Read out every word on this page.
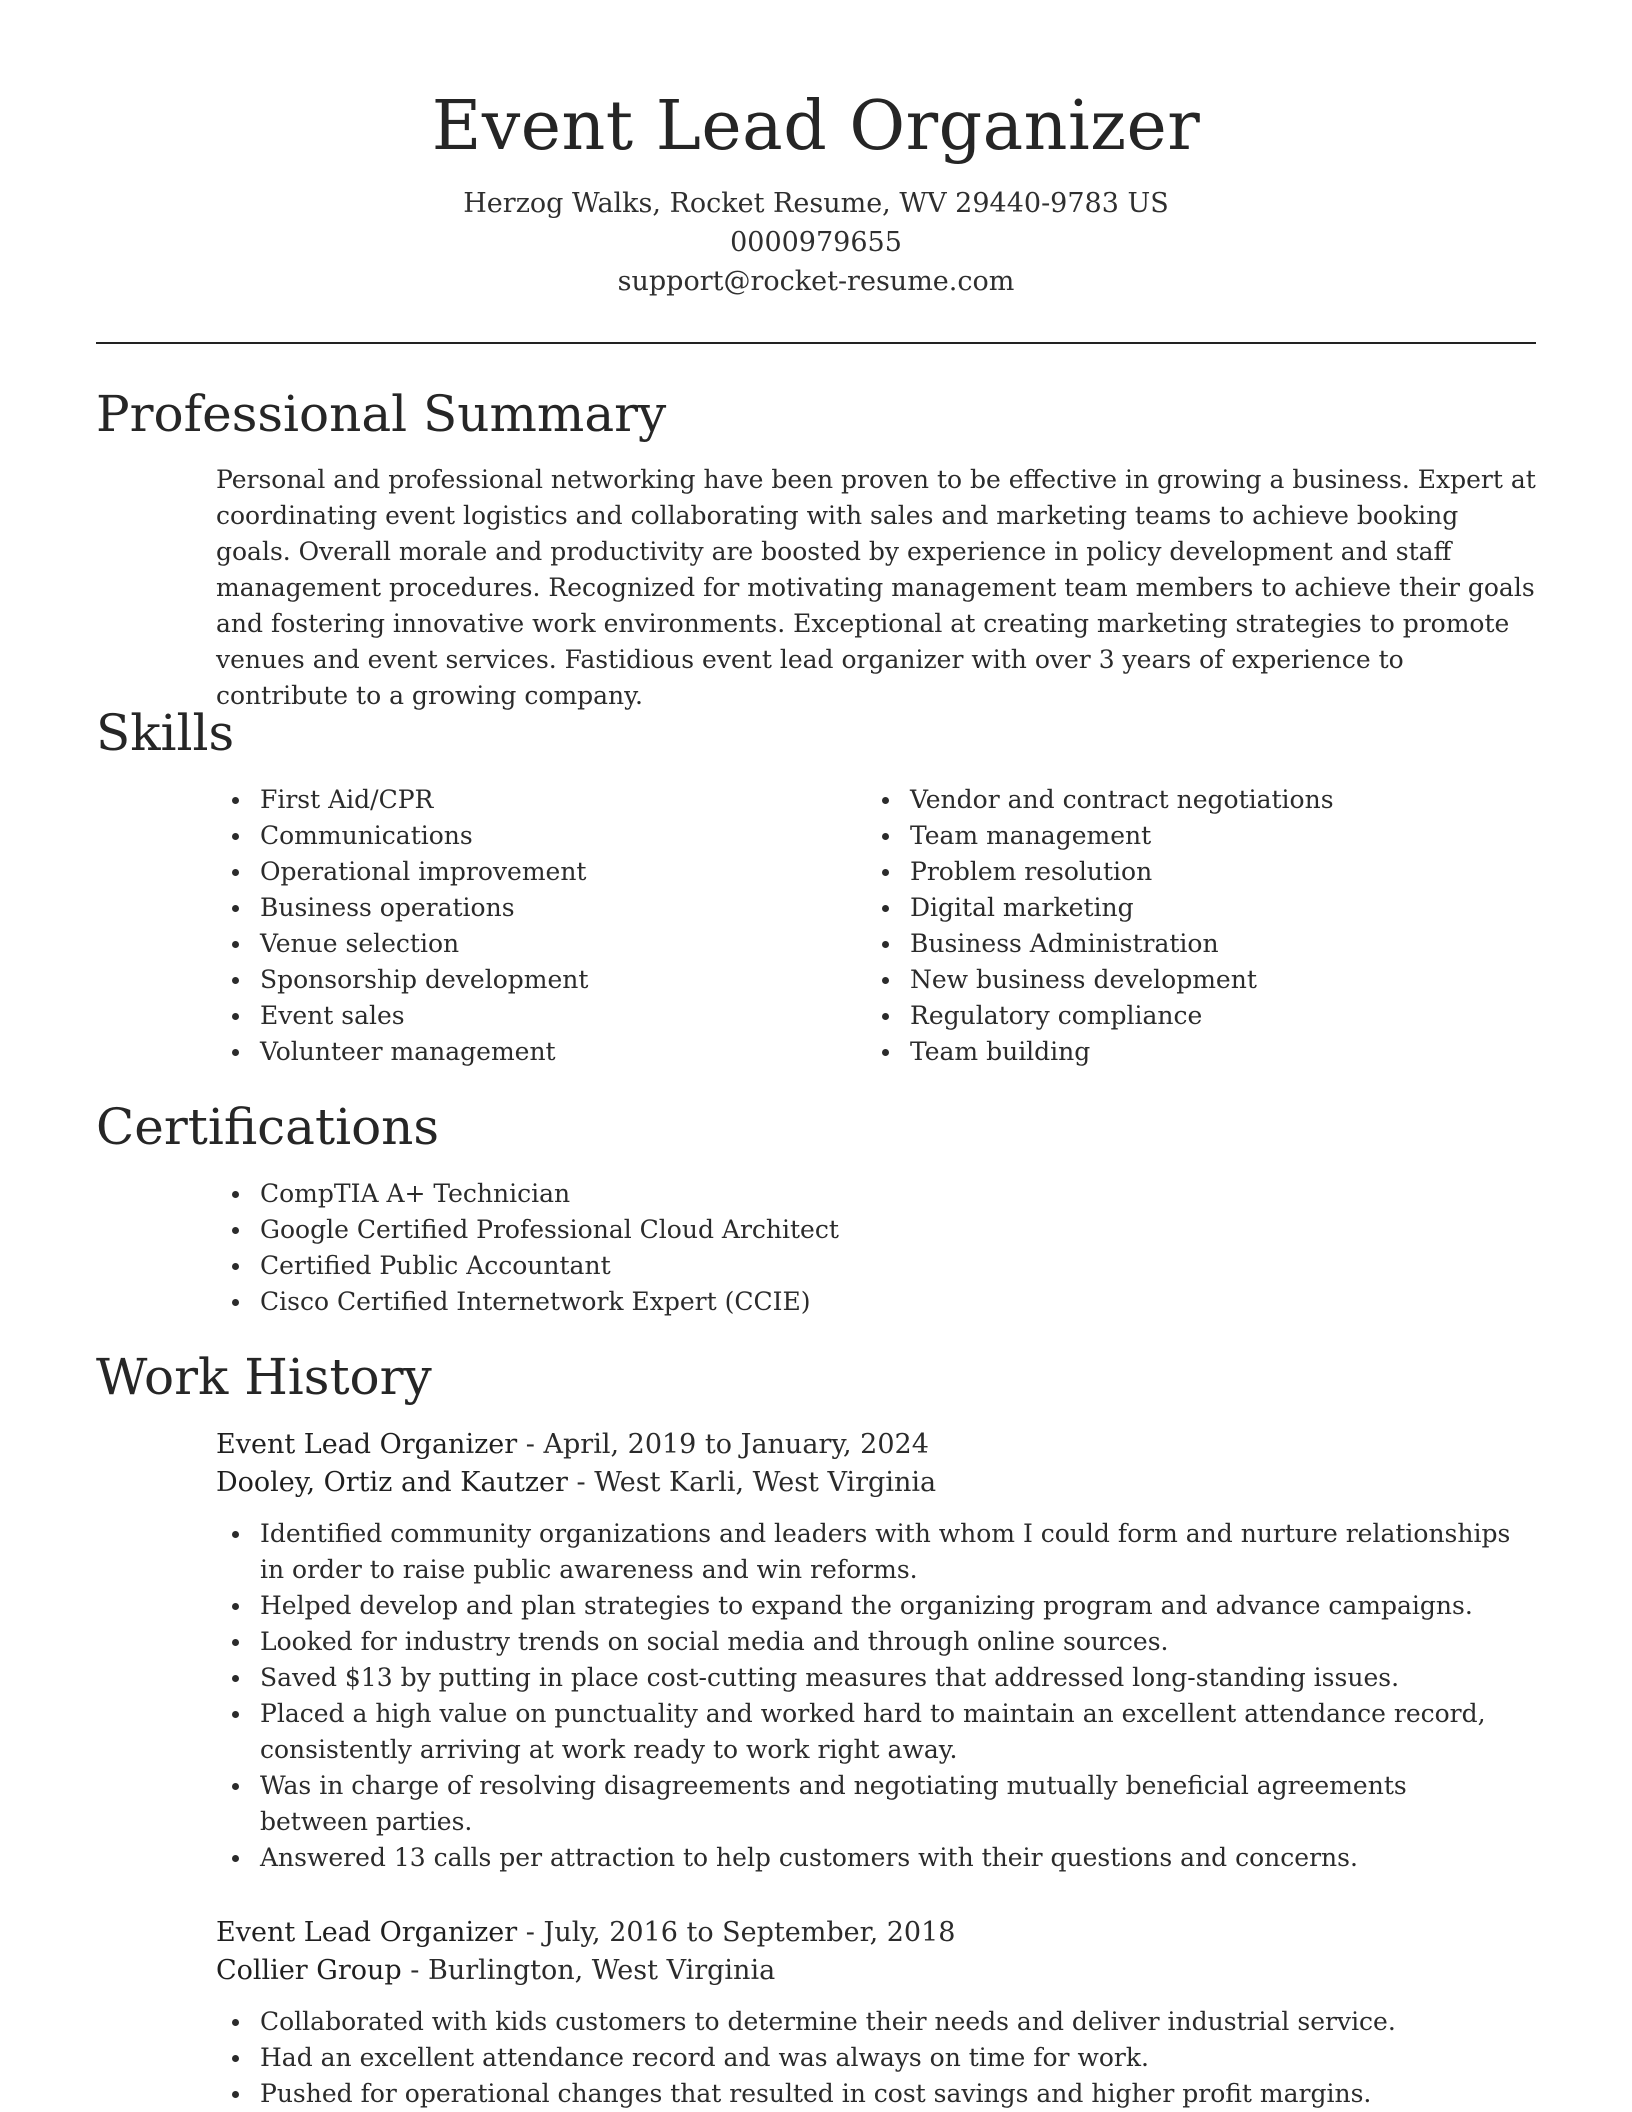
Event Lead Organizer
Herzog Walks, Rocket Resume, WV 29440-9783 US
0000979655
support@rocket-resume.com
Professional Summary

Personal and professional networking have been proven to be effective in growing a business. Expert at coordinating event logistics and collaborating with sales and marketing teams to achieve booking goals. Overall morale and productivity are boosted by experience in policy development and staff management procedures. Recognized for motivating management team members to achieve their goals and fostering innovative work environments. Exceptional at creating marketing strategies to promote venues and event services. Fastidious event lead organizer with over 3 years of experience to contribute to a growing company.

Skills
First Aid/CPR
Communications
Operational improvement
Business operations
Venue selection
Sponsorship development
Event sales
Volunteer management
Vendor and contract negotiations
Team management
Problem resolution
Digital marketing
Business Administration
New business development
Regulatory compliance
Team building
Certifications
CompTIA A+ Technician
Google Certified Professional Cloud Architect
Certified Public Accountant
Cisco Certified Internetwork Expert (CCIE)
Work History
Event Lead Organizer - April, 2019 to January, 2024
Dooley, Ortiz and Kautzer - West Karli, West Virginia
Identified community organizations and leaders with whom I could form and nurture relationships in order to raise public awareness and win reforms.
Helped develop and plan strategies to expand the organizing program and advance campaigns.
Looked for industry trends on social media and through online sources.
Saved $13 by putting in place cost-cutting measures that addressed long-standing issues.
Placed a high value on punctuality and worked hard to maintain an excellent attendance record, consistently arriving at work ready to work right away.
Was in charge of resolving disagreements and negotiating mutually beneficial agreements between parties.
Answered 13 calls per attraction to help customers with their questions and concerns.
Event Lead Organizer - July, 2016 to September, 2018
Collier Group - Burlington, West Virginia
Collaborated with kids customers to determine their needs and deliver industrial service.
Had an excellent attendance record and was always on time for work.
Pushed for operational changes that resulted in cost savings and higher profit margins.
